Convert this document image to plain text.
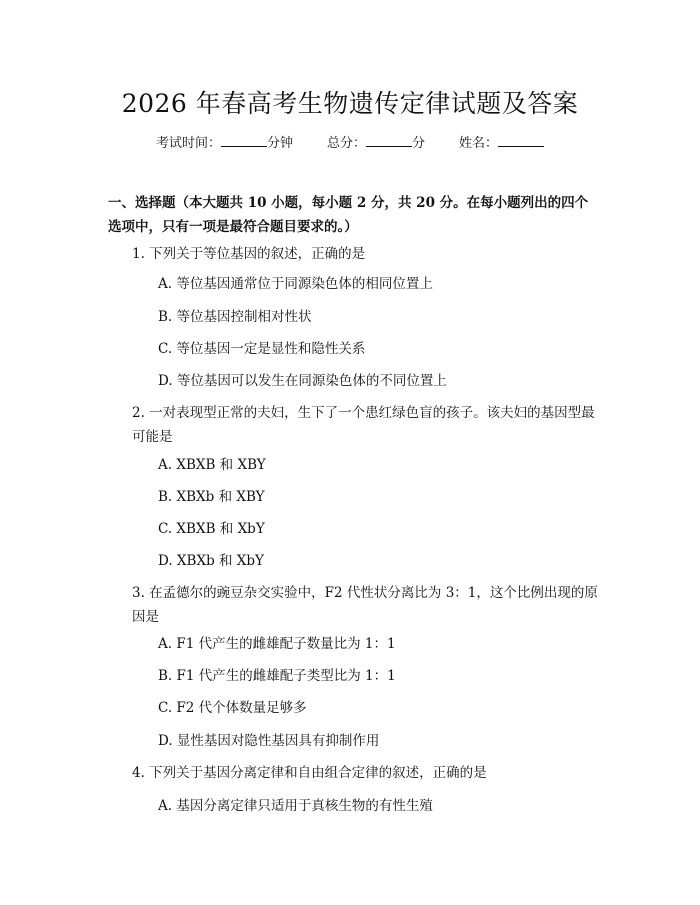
2026 年春高考生物遗传定律试题及答案
考试时间：	分钟	总分：	分	姓名：
一、选择题（本大题共 10 小题，每小题 2 分，共 20 分。在每小题列出的四个选项中，只有一项是最符合题目要求的。）
1. 下列关于等位基因的叙述，正确的是
A. 等位基因通常位于同源染色体的相同位置上
B. 等位基因控制相对性状
C. 等位基因一定是显性和隐性关系
D. 等位基因可以发生在同源染色体的不同位置上
2. 一对表现型正常的夫妇，生下了一个患红绿色盲的孩子。该夫妇的基因型最可能是
A. XBXB 和 XBY
B. XBXb 和 XBY
C. XBXB 和 XbY
D. XBXb 和 XbY
3. 在孟德尔的豌豆杂交实验中，F2 代性状分离比为 3：1，这个比例出现的原因是
A. F1 代产生的雌雄配子数量比为 1：1
B. F1 代产生的雌雄配子类型比为 1：1
C. F2 代个体数量足够多
D. 显性基因对隐性基因具有抑制作用
4. 下列关于基因分离定律和自由组合定律的叙述，正确的是
A. 基因分离定律只适用于真核生物的有性生殖
